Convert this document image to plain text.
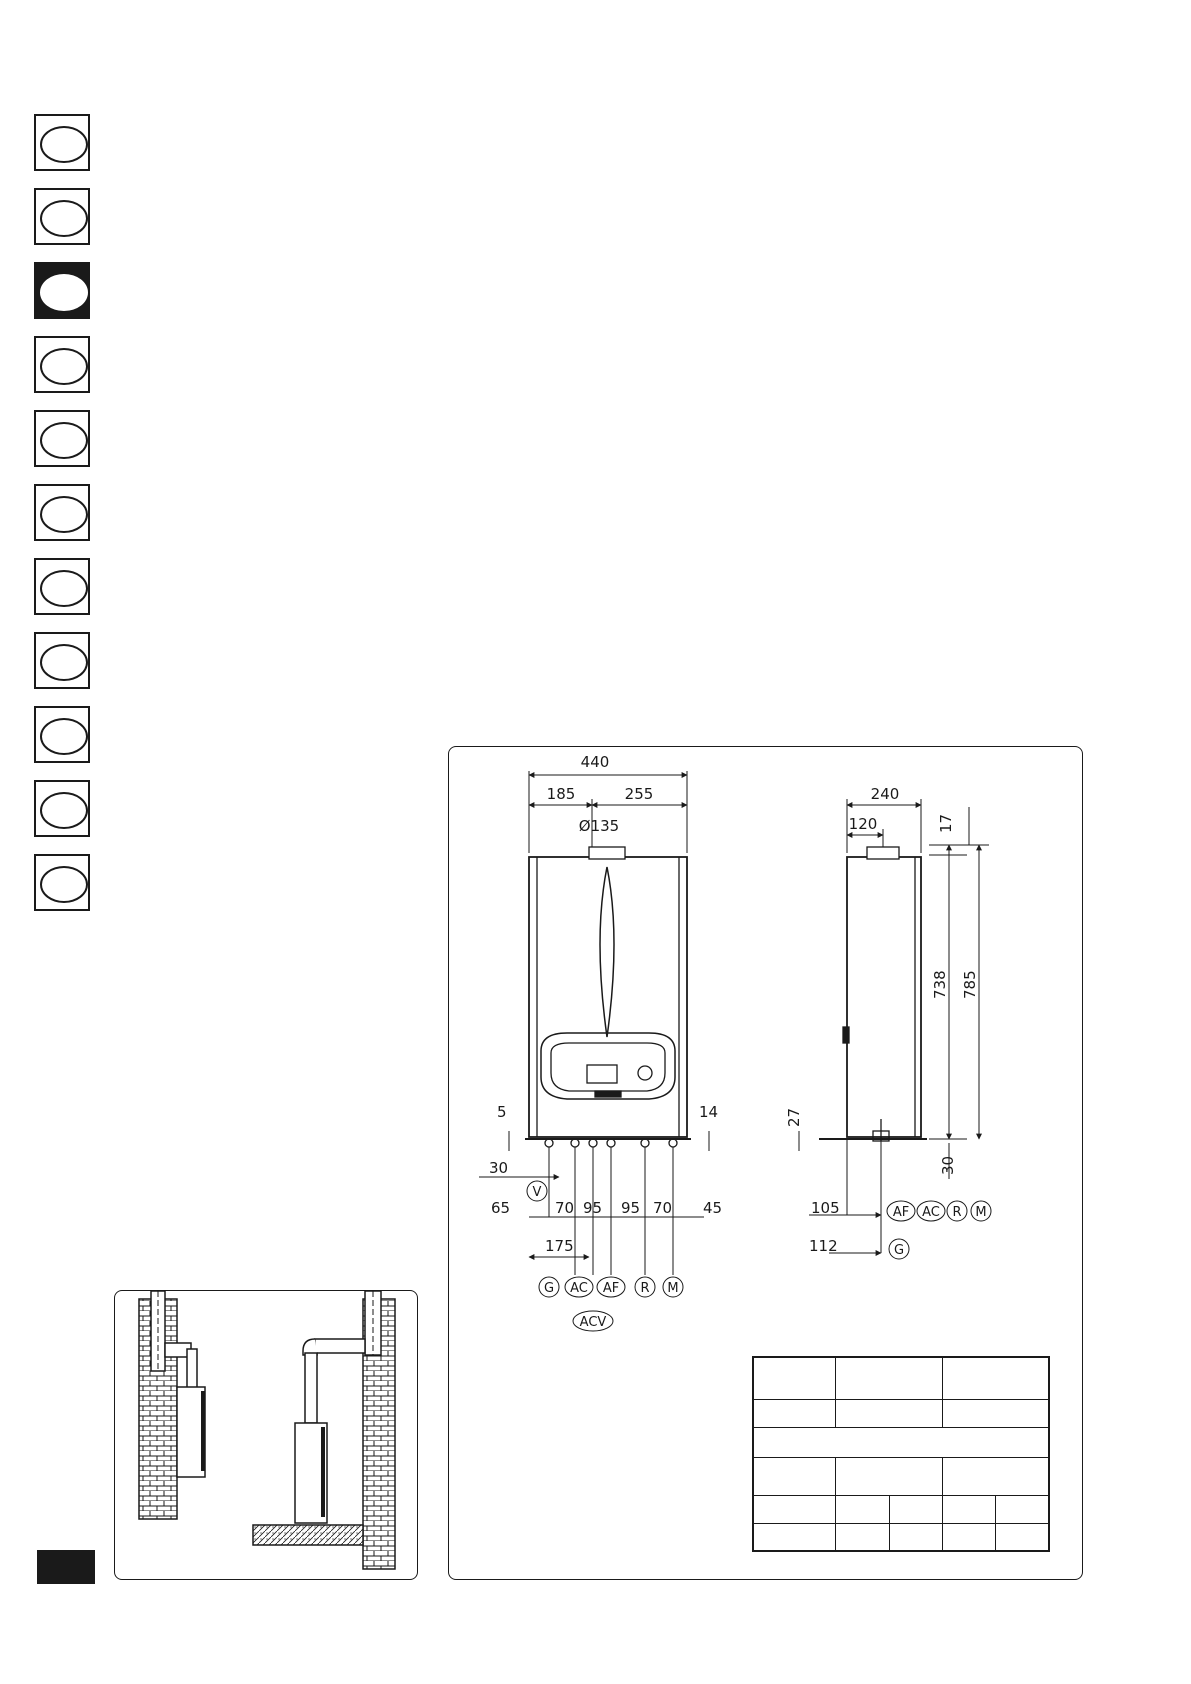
440
185	255
Ø135
5	14
30
65	70 95 95 70 45
175
V
G AC AF R M
ACV
240
120	17
738 785
27
30
105
112
AF AC R M
G
